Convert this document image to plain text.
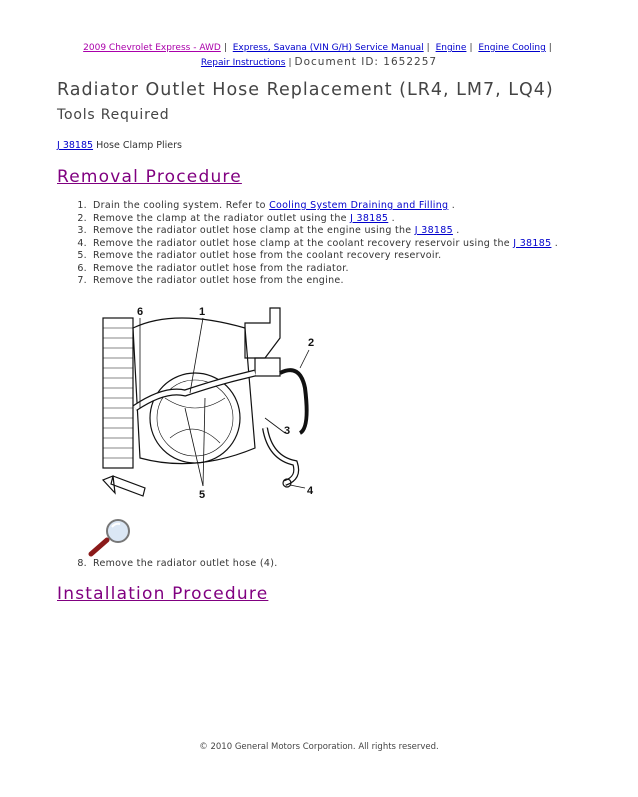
2009 Chevrolet Express - AWD | Express, Savana (VIN G/H) Service Manual | Engine | Engine Cooling |
Repair Instructions | Document ID: 1652257
Radiator Outlet Hose Replacement (LR4, LM7, LQ4)
Tools Required
J 38185 Hose Clamp Pliers
Removal Procedure
1. Drain the cooling system. Refer to Cooling System Draining and Filling .
2. Remove the clamp at the radiator outlet using the J 38185 .
3. Remove the radiator outlet hose clamp at the engine using the J 38185 .
4. Remove the radiator outlet hose clamp at the coolant recovery reservoir using the J 38185 .
5. Remove the radiator outlet hose from the coolant recovery reservoir.
6. Remove the radiator outlet hose from the radiator.
7. Remove the radiator outlet hose from the engine.
6	1
2
3
4
5
8. Remove the radiator outlet hose (4).
Installation Procedure
© 2010 General Motors Corporation. All rights reserved.
